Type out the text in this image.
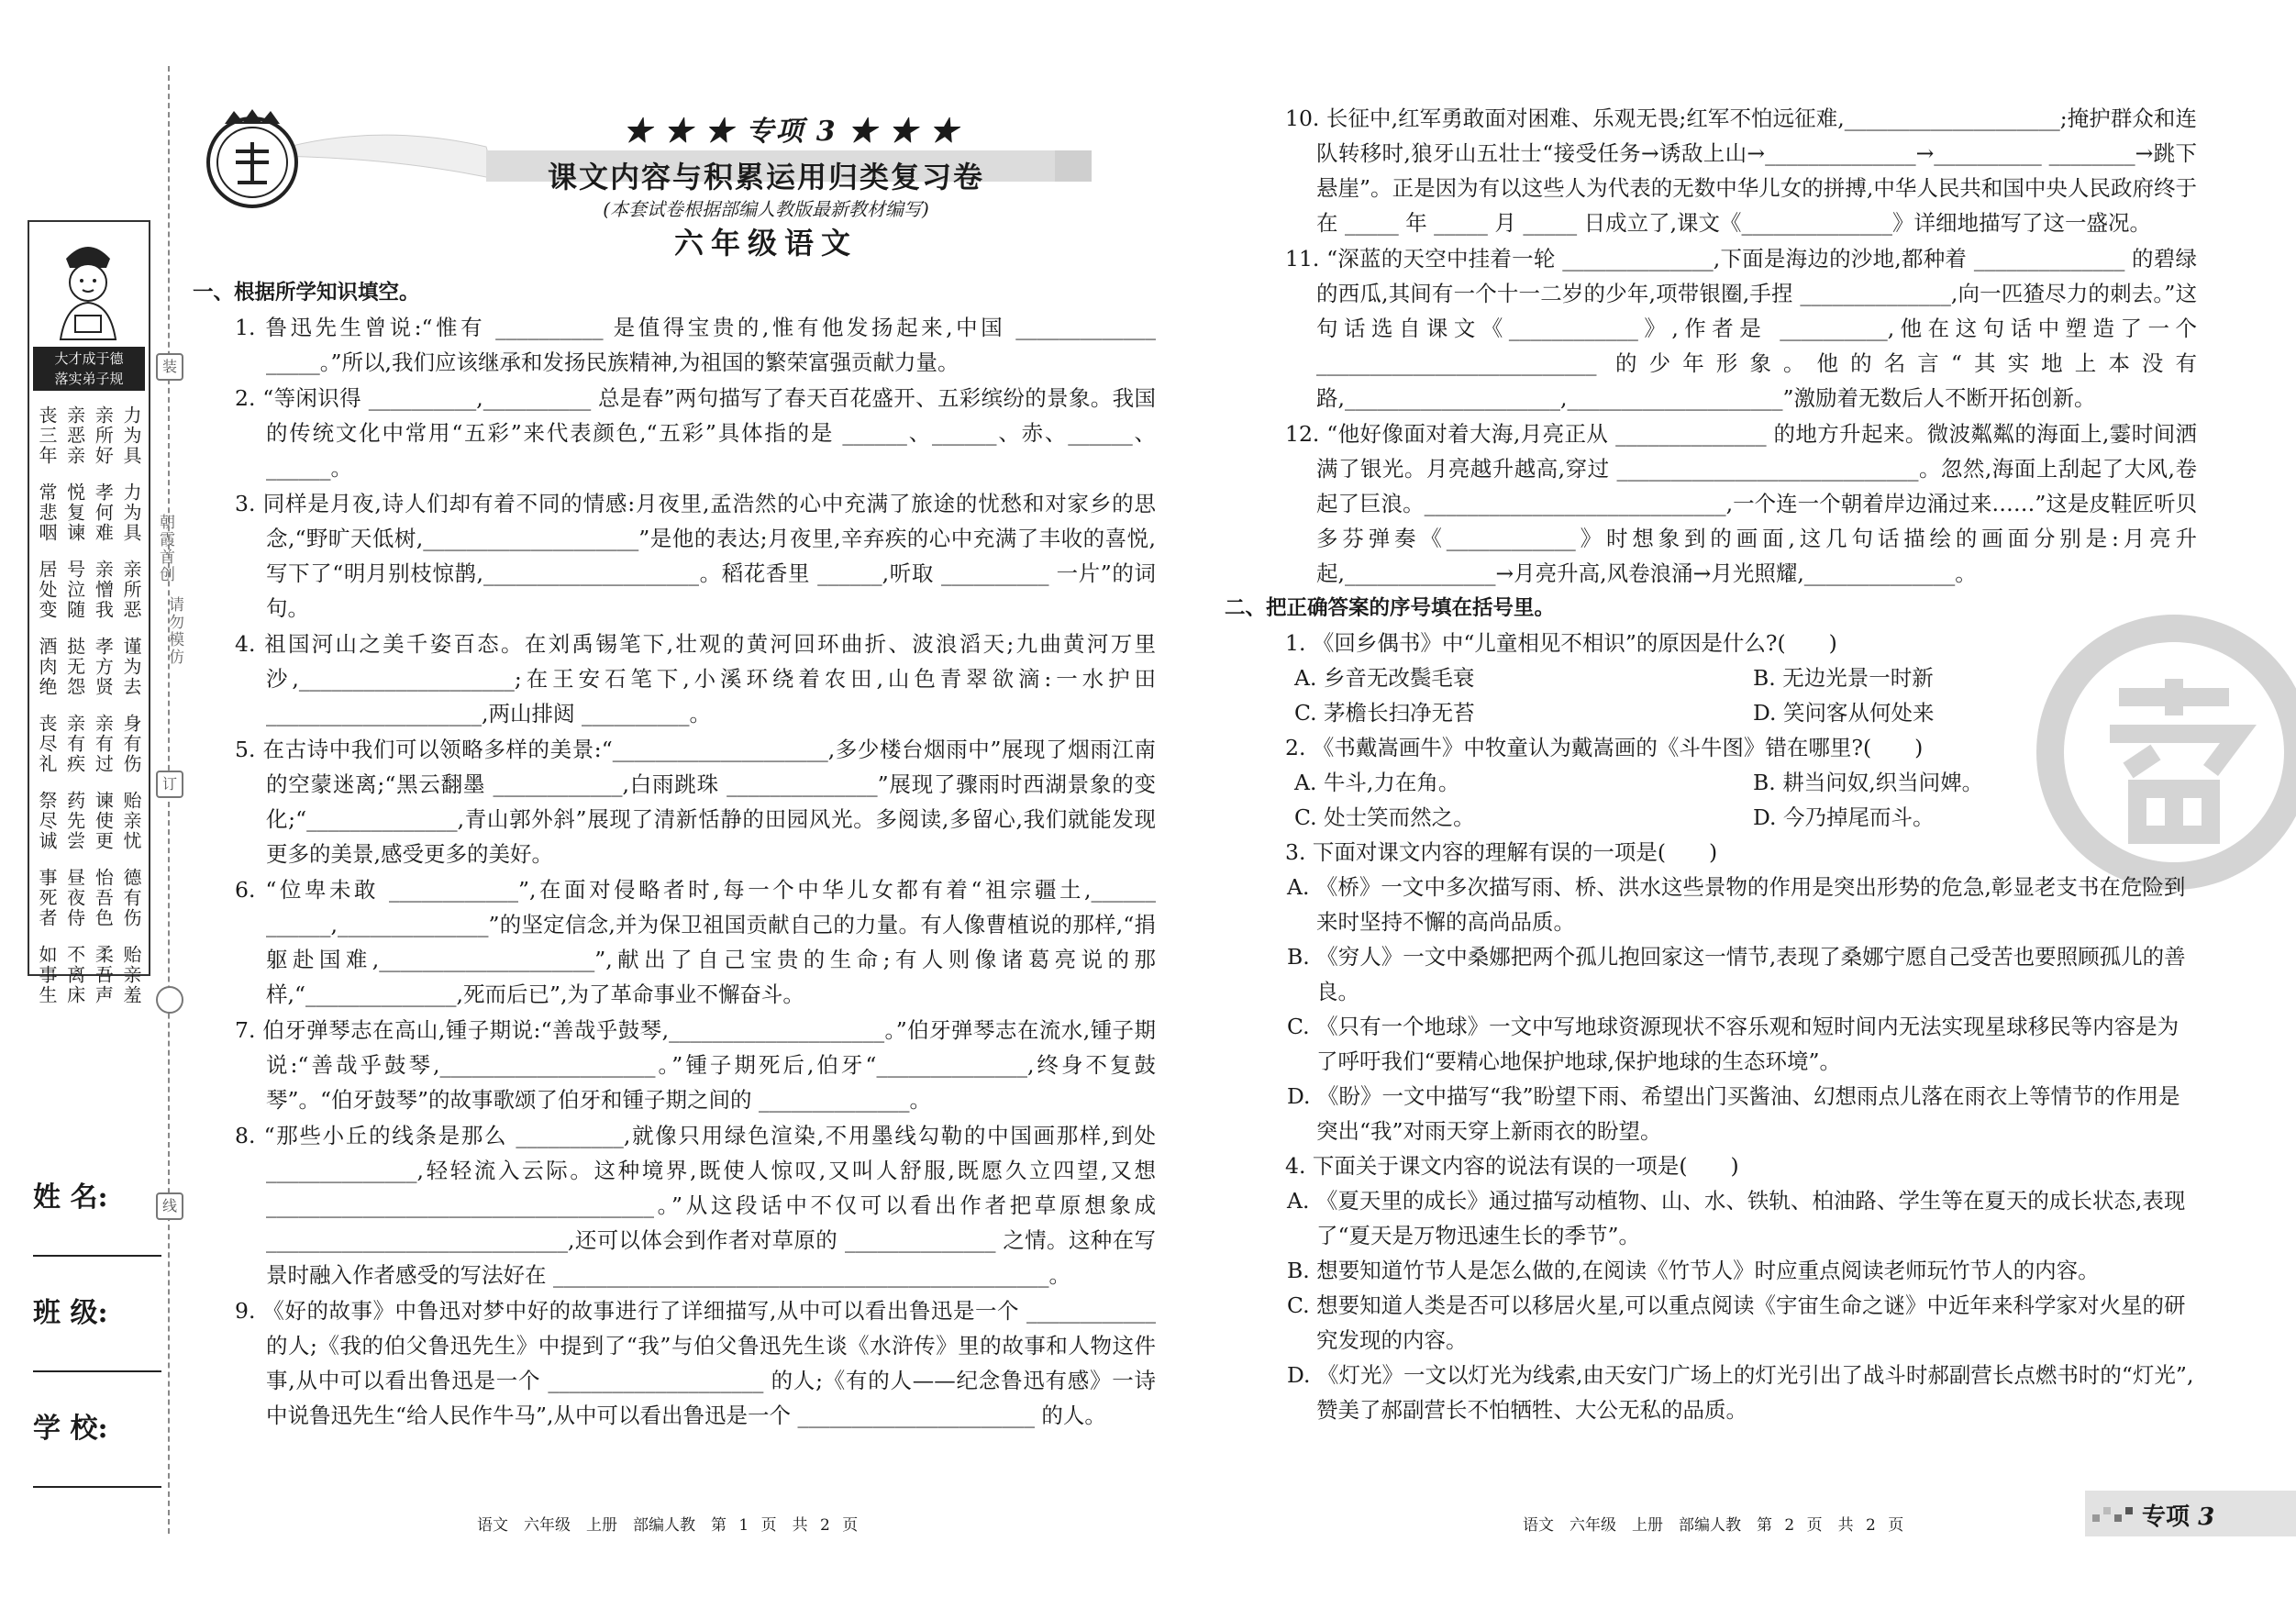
装
朝霞首创
请勿模仿
订
线
大才成于德
落实弟子规
丧三年 亲恶亲 亲所好 力为具
常悲咽 悦复谏 孝何难 力为具
居处变 号泣随 亲憎我 亲所恶
酒肉绝 挞无怨 孝方贤 谨为去
丧尽礼 亲有疾 亲有过 身有伤
祭尽诚 药先尝 谏使更 贻亲忧
事死者 昼夜侍 怡吾色 德有伤
如事生 不离床 柔吾声 贻亲羞
姓 名:
班 级:
学 校:
★ ★ ★ 专项 3 ★ ★ ★
课文内容与积累运用归类复习卷
(本套试卷根据部编人教版最新教材编写)
六年级语文
一、根据所学知识填空。
1. 鲁迅先生曾说:“惟有 __________ 是值得宝贵的,惟有他发扬起来,中国 _____________ _____。”所以,我们应该继承和发扬民族精神,为祖国的繁荣富强贡献力量。
2. “等闲识得 __________,__________ 总是春”两句描写了春天百花盛开、五彩缤纷的景象。我国的传统文化中常用“五彩”来代表颜色,“五彩”具体指的是 ______、______、赤、______、______。
3. 同样是月夜,诗人们却有着不同的情感:月夜里,孟浩然的心中充满了旅途的忧愁和对家乡的思念,“野旷天低树,____________________”是他的表达;月夜里,辛弃疾的心中充满了丰收的喜悦,写下了“明月别枝惊鹊,____________________。稻花香里 ______,听取 __________ 一片”的词句。
4. 祖国河山之美千姿百态。在刘禹锡笔下,壮观的黄河回环曲折、波浪滔天;九曲黄河万里沙,____________________;在王安石笔下,小溪环绕着农田,山色青翠欲滴:一水护田 ____________________,两山排闼 __________。
5. 在古诗中我们可以领略多样的美景:“____________________,多少楼台烟雨中”展现了烟雨江南的空蒙迷离;“黑云翻墨 ____________,白雨跳珠 ______________”展现了骤雨时西湖景象的变化;“______________,青山郭外斜”展现了清新恬静的田园风光。多阅读,多留心,我们就能发现更多的美景,感受更多的美好。
6. “位卑未敢 ____________”,在面对侵略者时,每一个中华儿女都有着“祖宗疆土,______ ______,______________”的坚定信念,并为保卫祖国贡献自己的力量。有人像曹植说的那样,“捐躯赴国难,____________________”,献出了自己宝贵的生命;有人则像诸葛亮说的那样,“______________,死而后已”,为了革命事业不懈奋斗。
7. 伯牙弹琴志在高山,锺子期说:“善哉乎鼓琴,____________________。”伯牙弹琴志在流水,锺子期说:“善哉乎鼓琴,____________________。”锺子期死后,伯牙“______________,终身不复鼓琴”。“伯牙鼓琴”的故事歌颂了伯牙和锺子期之间的 ______________。
8. “那些小丘的线条是那么 __________,就像只用绿色渲染,不用墨线勾勒的中国画那样,到处 ______________,轻轻流入云际。这种境界,既使人惊叹,又叫人舒服,既愿久立四望,又想 ____________________________________。”从这段话中不仅可以看出作者把草原想象成 ____________________________,还可以体会到作者对草原的 ______________ 之情。这种在写景时融入作者感受的写法好在 ______________________________________________。
9. 《好的故事》中鲁迅对梦中好的故事进行了详细描写,从中可以看出鲁迅是一个 ____________ 的人;《我的伯父鲁迅先生》中提到了“我”与伯父鲁迅先生谈《水浒传》里的故事和人物这件事,从中可以看出鲁迅是一个 ____________________ 的人;《有的人——纪念鲁迅有感》一诗中说鲁迅先生“给人民作牛马”,从中可以看出鲁迅是一个 ______________________ 的人。
10. 长征中,红军勇敢面对困难、乐观无畏;红军不怕远征难,____________________;掩护群众和连队转移时,狼牙山五壮士“接受任务→诱敌上山→______________→__________ ________→跳下悬崖”。正是因为有以这些人为代表的无数中华儿女的拼搏,中华人民共和国中央人民政府终于在 _____ 年 _____ 月 _____ 日成立了,课文《______________》详细地描写了这一盛况。
11. “深蓝的天空中挂着一轮 ______________,下面是海边的沙地,都种着 ______________ 的碧绿的西瓜,其间有一个十一二岁的少年,项带银圈,手捏 ______________,向一匹猹尽力的刺去。”这句话选自课文《____________》,作者是 __________,他在这句话中塑造了一个 __________________________ 的少年形象。他的名言“其实地上本没有路,____________________,____________________”激励着无数后人不断开拓创新。
12. “他好像面对着大海,月亮正从 ______________ 的地方升起来。微波粼粼的海面上,霎时间洒满了银光。月亮越升越高,穿过 ____________________________。忽然,海面上刮起了大风,卷起了巨浪。____________________________,一个连一个朝着岸边涌过来……”这是皮鞋匠听贝多芬弹奏《____________》时想象到的画面,这几句话描绘的画面分别是:月亮升起,______________→月亮升高,风卷浪涌→月光照耀,______________。
二、把正确答案的序号填在括号里。
1. 《回乡偶书》中“儿童相见不相识”的原因是什么?(　　)
A. 乡音无改鬓毛衰	B. 无边光景一时新
C. 茅檐长扫净无苔	D. 笑问客从何处来
2. 《书戴嵩画牛》中牧童认为戴嵩画的《斗牛图》错在哪里?(　　)
A. 牛斗,力在角。	B. 耕当问奴,织当问婢。
C. 处士笑而然之。	D. 今乃掉尾而斗。
3. 下面对课文内容的理解有误的一项是(　　)
A. 《桥》一文中多次描写雨、桥、洪水这些景物的作用是突出形势的危急,彰显老支书在危险到来时坚持不懈的高尚品质。
B. 《穷人》一文中桑娜把两个孤儿抱回家这一情节,表现了桑娜宁愿自己受苦也要照顾孤儿的善良。
C. 《只有一个地球》一文中写地球资源现状不容乐观和短时间内无法实现星球移民等内容是为了呼吁我们“要精心地保护地球,保护地球的生态环境”。
D. 《盼》一文中描写“我”盼望下雨、希望出门买酱油、幻想雨点儿落在雨衣上等情节的作用是突出“我”对雨天穿上新雨衣的盼望。
4. 下面关于课文内容的说法有误的一项是(　　)
A. 《夏天里的成长》通过描写动植物、山、水、铁轨、柏油路、学生等在夏天的成长状态,表现了“夏天是万物迅速生长的季节”。
B. 想要知道竹节人是怎么做的,在阅读《竹节人》时应重点阅读老师玩竹节人的内容。
C. 想要知道人类是否可以移居火星,可以重点阅读《宇宙生命之谜》中近年来科学家对火星的研究发现的内容。
D. 《灯光》一文以灯光为线索,由天安门广场上的灯光引出了战斗时郝副营长点燃书时的“灯光”,赞美了郝副营长不怕牺牲、大公无私的品质。
语文　六年级　上册　部编人教　第 1 页　共 2 页	语文　六年级　上册　部编人教　第 2 页　共 2 页	专项 3
